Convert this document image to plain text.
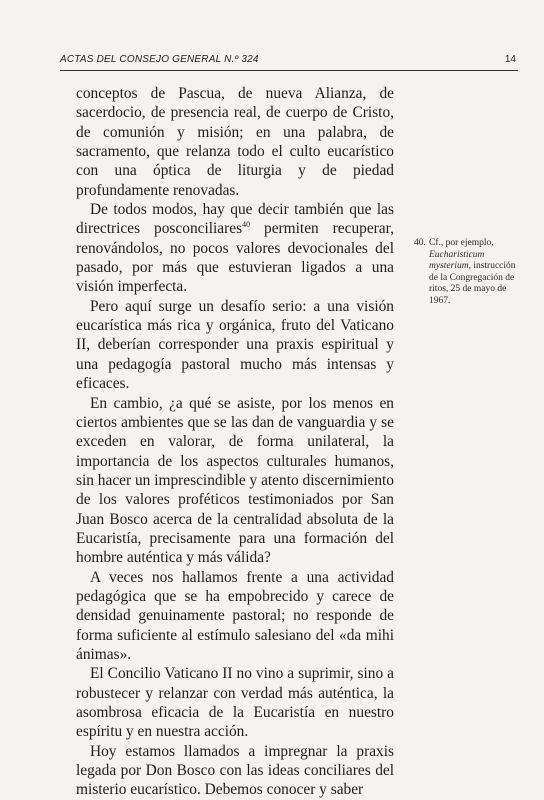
ACTAS DEL CONSEJO GENERAL N.º 324	14

conceptos de Pascua, de nueva Alianza, de sacerdocio, de presencia real, de cuerpo de Cristo, de comunión y misión; en una palabra, de sacramento, que relanza todo el culto eucarístico con una óptica de liturgia y de piedad profundamente renovadas.

De todos modos, hay que decir también que las directrices posconciliares$^{40}$ permiten recuperar, renovándolos, no pocos valores devocionales del pasado, por más que estuvieran ligados a una visión imperfecta.

Pero aquí surge un desafío serio: a una visión eucarística más rica y orgánica, fruto del Vaticano II, deberían corresponder una praxis espiritual y una pedagogía pastoral mucho más intensas y eficaces.

En cambio, ¿a qué se asiste, por los menos en ciertos ambientes que se las dan de vanguardia y se exceden en valorar, de forma unilateral, la importancia de los aspectos culturales humanos, sin hacer un imprescindible y atento discernimiento de los valores proféticos testimoniados por San Juan Bosco acerca de la centralidad absoluta de la Eucaristía, precisamente para una formación del hombre auténtica y más válida?

A veces nos hallamos frente a una actividad pedagógica que se ha empobrecido y carece de densidad genuinamente pastoral; no responde de forma suficiente al estímulo salesiano del «da mihi ánimas».

El Concilio Vaticano II no vino a suprimir, sino a robustecer y relanzar con verdad más auténtica, la asombrosa eficacia de la Eucaristía en nuestro espíritu y en nuestra acción.

Hoy estamos llamados a impregnar la praxis legada por Don Bosco con las ideas conciliares del misterio eucarístico. Debemos conocer y saber

40. Cf., por ejemplo, Eucharisticum mysterium, instrucción de la Congregación de ritos, 25 de mayo de 1967.
